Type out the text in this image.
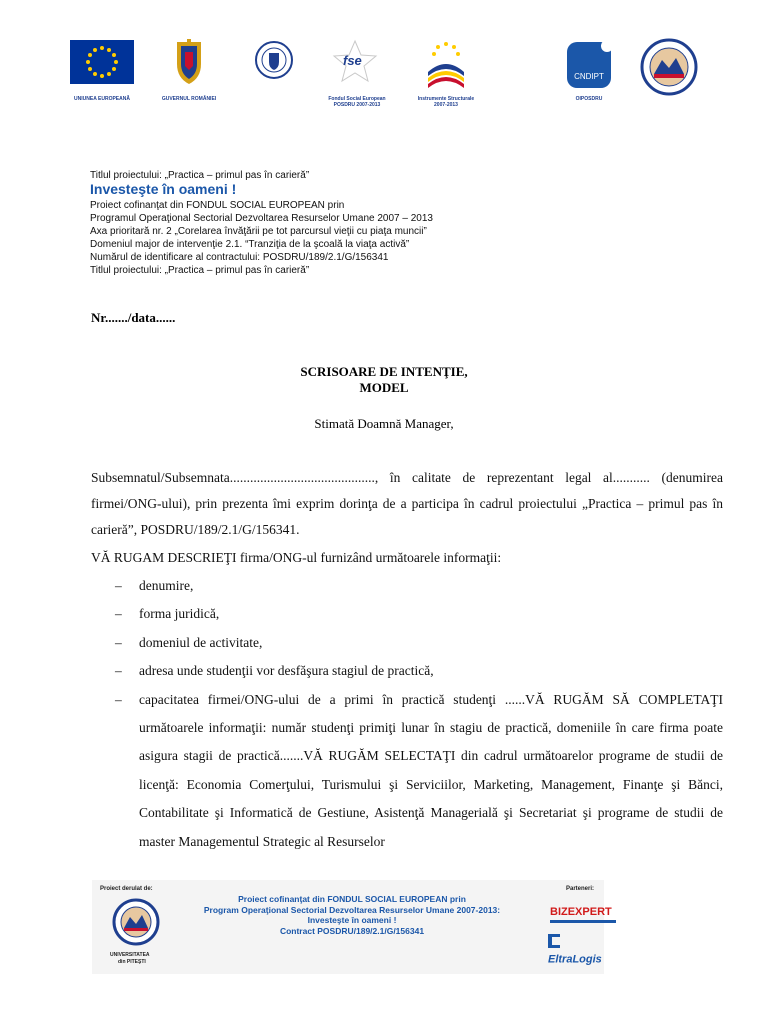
UNIUNEA EUROPEANĂ	GUVERNUL ROMÂNIEI
fse
Fondul Social European
POSDRU 2007-2013
Instrumente Structurale
2007-2013
CNDIPT
OIPOSDRU
Titlul proiectului: „Practica – primul pas în carieră”
Investeşte în oameni !
Proiect cofinanţat din FONDUL SOCIAL EUROPEAN prin
Programul Operaţional Sectorial Dezvoltarea Resurselor Umane 2007 – 2013
Axa prioritară nr. 2 „Corelarea învăţării pe tot parcursul vieţii cu piaţa muncii”
Domeniul major de intervenţie 2.1. “Tranziţia de la şcoală la viaţa activă”
Numărul de identificare al contractului: POSDRU/189/2.1/G/156341
Titlul proiectului: „Practica – primul pas în carieră”
Nr......./data......
SCRISOARE DE INTENŢIE,
MODEL
Stimată Doamnă Manager,
Subsemnatul/Subsemnata..........................................., în calitate de reprezentant legal al........... (denumirea firmei/ONG-ului), prin prezenta îmi exprim dorinţa de a participa în cadrul proiectului „Practica – primul pas în carieră”, POSDRU/189/2.1/G/156341.
VĂ RUGAM DESCRIEŢI firma/ONG-ul furnizând următoarele informaţii:
– denumire,
– forma juridică,
– domeniul de activitate,
– adresa unde studenţii vor desfăşura stagiul de practică,
– capacitatea firmei/ONG-ului de a primi în practică studenţi ......VĂ RUGĂM SĂ COMPLETAŢI următoarele informaţii: număr studenţi primiţi lunar în stagiu de practică, domeniile în care firma poate asigura stagii de practică.......VĂ RUGĂM SELECTAŢI din cadrul următoarelor programe de studii de licenţă: Economia Comerţului, Turismului şi Serviciilor, Marketing, Management, Finanţe şi Bănci, Contabilitate şi Informatică de Gestiune, Asistenţă Managerială şi Secretariat şi programe de studii de master Managementul Strategic al Resurselor
Proiect derulat de:
UNIVERSITATEA
din PITEŞTI
Proiect cofinanţat din FONDUL SOCIAL EUROPEAN prin
Program Operaţional Sectorial Dezvoltarea Resurselor Umane 2007-2013:
Investeşte în oameni !
Contract POSDRU/189/2.1/G/156341
Parteneri:
BIZEXPERT
EltraLogis
